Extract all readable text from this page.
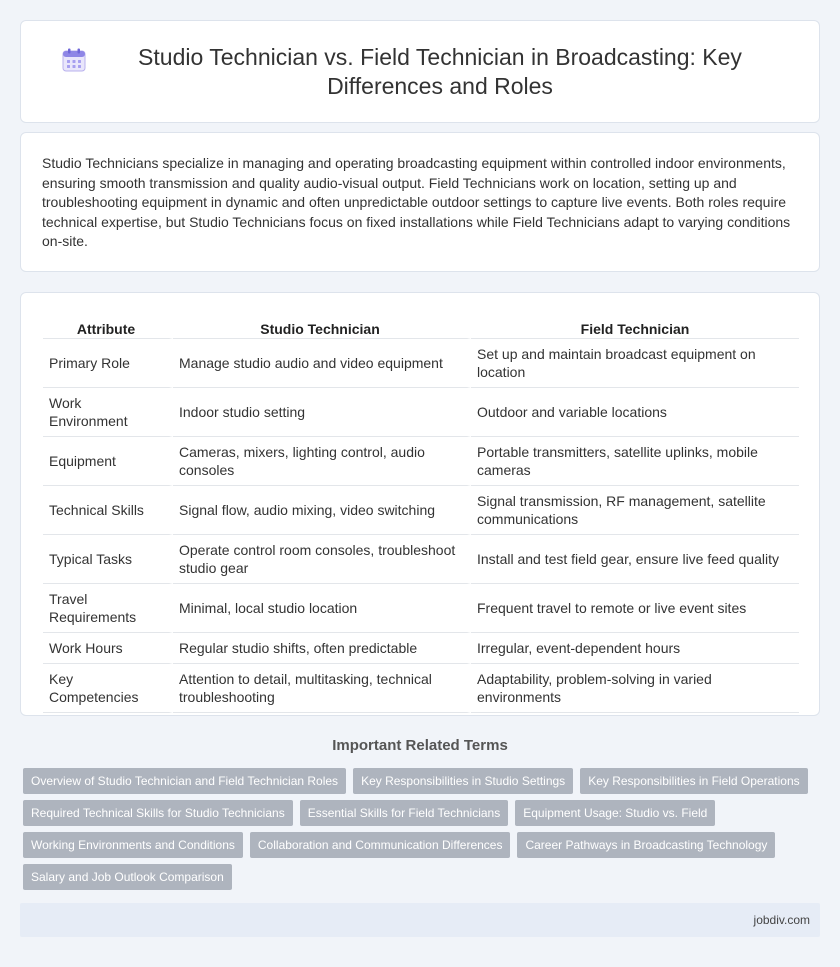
Studio Technician vs. Field Technician in Broadcasting: Key Differences and Roles

Studio Technicians specialize in managing and operating broadcasting equipment within controlled indoor environments, ensuring smooth transmission and quality audio-visual output. Field Technicians work on location, setting up and troubleshooting equipment in dynamic and often unpredictable outdoor settings to capture live events. Both roles require technical expertise, but Studio Technicians focus on fixed installations while Field Technicians adapt to varying conditions on-site.

Attribute	Studio Technician	Field Technician
Primary Role	Manage studio audio and video equipment	Set up and maintain broadcast equipment on location
Work Environment	Indoor studio setting	Outdoor and variable locations
Equipment	Cameras, mixers, lighting control, audio consoles	Portable transmitters, satellite uplinks, mobile cameras
Technical Skills	Signal flow, audio mixing, video switching	Signal transmission, RF management, satellite communications
Typical Tasks	Operate control room consoles, troubleshoot studio gear	Install and test field gear, ensure live feed quality
Travel Requirements	Minimal, local studio location	Frequent travel to remote or live event sites
Work Hours	Regular studio shifts, often predictable	Irregular, event-dependent hours
Key Competencies	Attention to detail, multitasking, technical troubleshooting	Adaptability, problem-solving in varied environments
Important Related Terms
Overview of Studio Technician and Field Technician Roles	Key Responsibilities in Studio Settings	Key Responsibilities in Field Operations
Required Technical Skills for Studio Technicians	Essential Skills for Field Technicians	Equipment Usage: Studio vs. Field
Working Environments and Conditions	Collaboration and Communication Differences	Career Pathways in Broadcasting Technology
Salary and Job Outlook Comparison
jobdiv.com
